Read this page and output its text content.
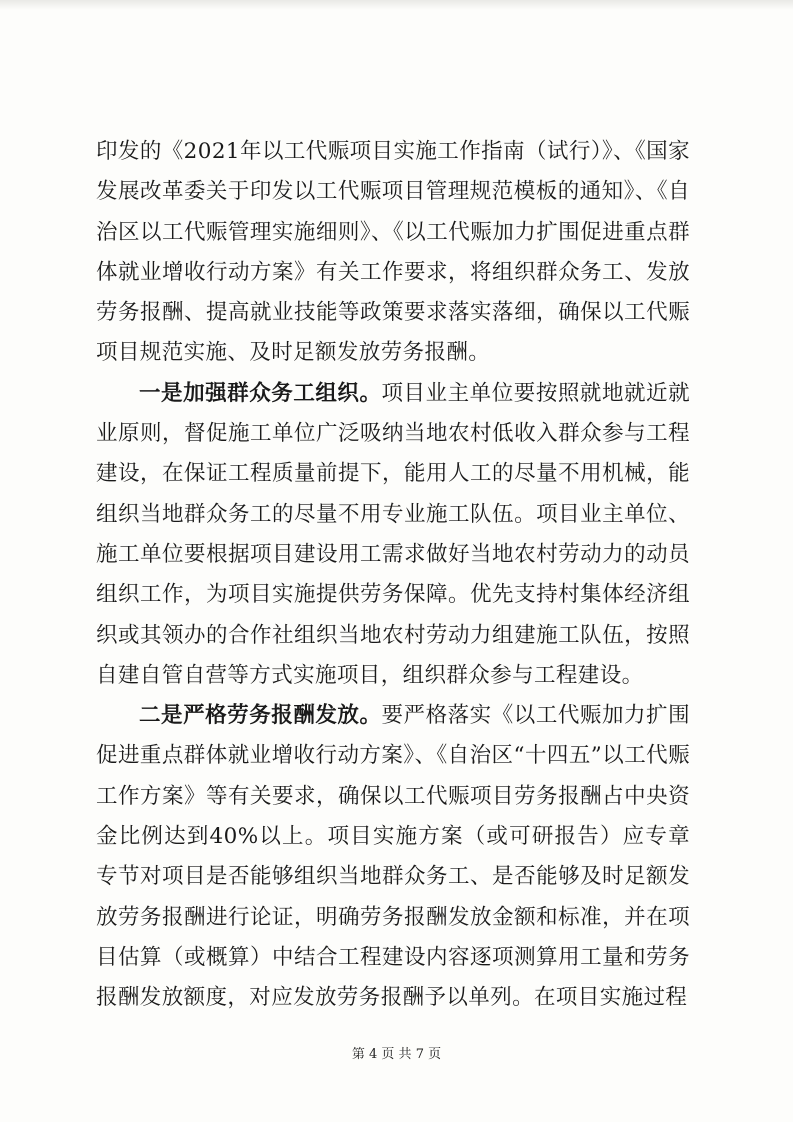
印发的《2021年以工代赈项目实施工作指南（试行）》、《国家发展改革委关于印发以工代赈项目管理规范模板的通知》、《自治区以工代赈管理实施细则》、《以工代赈加力扩围促进重点群体就业增收行动方案》有关工作要求，将组织群众务工、发放劳务报酬、提高就业技能等政策要求落实落细，确保以工代赈项目规范实施、及时足额发放劳务报酬。

一是加强群众务工组织。项目业主单位要按照就地就近就业原则，督促施工单位广泛吸纳当地农村低收入群众参与工程建设，在保证工程质量前提下，能用人工的尽量不用机械，能组织当地群众务工的尽量不用专业施工队伍。项目业主单位、施工单位要根据项目建设用工需求做好当地农村劳动力的动员组织工作，为项目实施提供劳务保障。优先支持村集体经济组织或其领办的合作社组织当地农村劳动力组建施工队伍，按照自建自管自营等方式实施项目，组织群众参与工程建设。

二是严格劳务报酬发放。要严格落实《以工代赈加力扩围促进重点群体就业增收行动方案》、《自治区“十四五”以工代赈工作方案》等有关要求，确保以工代赈项目劳务报酬占中央资金比例达到40%以上。项目实施方案（或可研报告）应专章专节对项目是否能够组织当地群众务工、是否能够及时足额发放劳务报酬进行论证，明确劳务报酬发放金额和标准，并在项目估算（或概算）中结合工程建设内容逐项测算用工量和劳务报酬发放额度，对应发放劳务报酬予以单列。在项目实施过程

第 4 页 共 7 页
